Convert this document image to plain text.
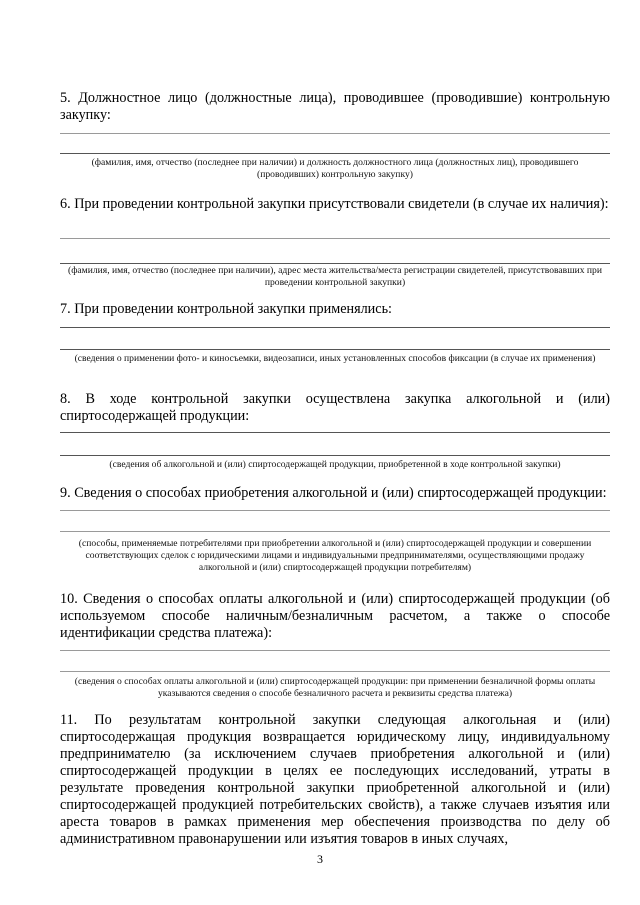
5. Должностное лицо (должностные лица), проводившее (проводившие) контрольную закупку:
(фамилия, имя, отчество (последнее при наличии) и должность должностного лица (должностных лиц), проводившего (проводивших) контрольную закупку)
6. При проведении контрольной закупки присутствовали свидетели (в случае их наличия):
(фамилия, имя, отчество (последнее при наличии), адрес места жительства/места регистрации свидетелей, присутствовавших при проведении контрольной закупки)
7. При проведении контрольной закупки применялись:
(сведения о применении фото- и киносъемки, видеозаписи, иных установленных способов фиксации (в случае их применения)
8. В ходе контрольной закупки осуществлена закупка алкогольной и (или) спиртосодержащей продукции:
(сведения об алкогольной и (или) спиртосодержащей продукции, приобретенной в ходе контрольной закупки)
9. Сведения о способах приобретения алкогольной и (или) спиртосодержащей продукции:
(способы, применяемые потребителями при приобретении алкогольной и (или) спиртосодержащей продукции и совершении соответствующих сделок с юридическими лицами и индивидуальными предпринимателями, осуществляющими продажу алкогольной и (или) спиртосодержащей продукции потребителям)
10. Сведения о способах оплаты алкогольной и (или) спиртосодержащей продукции (об используемом способе наличным/безналичным расчетом, а также о способе идентификации средства платежа):
(сведения о способах оплаты алкогольной и (или) спиртосодержащей продукции: при применении безналичной формы оплаты указываются сведения о способе безналичного расчета и реквизиты средства платежа)
11. По результатам контрольной закупки следующая алкогольная и (или) спиртосодержащая продукция возвращается юридическому лицу, индивидуальному предпринимателю (за исключением случаев приобретения алкогольной и (или) спиртосодержащей продукции в целях ее последующих исследований, утраты в результате проведения контрольной закупки приобретенной алкогольной и (или) спиртосодержащей продукцией потребительских свойств), а также случаев изъятия или ареста товаров в рамках применения мер обеспечения производства по делу об административном правонарушении или изъятия товаров в иных случаях,
3
